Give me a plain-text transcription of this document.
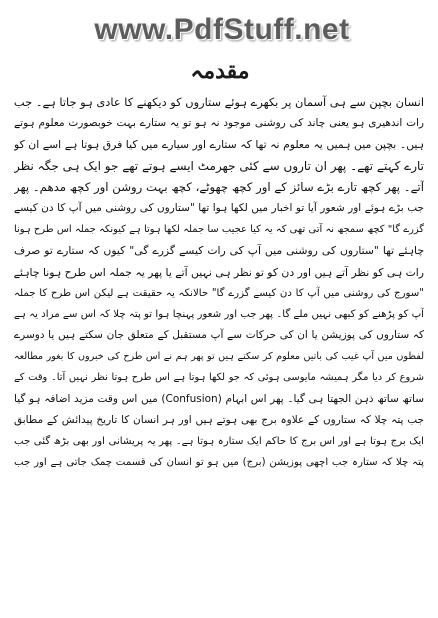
www.PdfStuff.net
مقدمہ
انسان بچپن سے ہی آسمان پر بکھرے ہوئے ستاروں کو دیکھنے کا عادی ہو جاتا ہے۔ جب
رات اندھیری ہو یعنی چاند کی روشنی موجود نہ ہو تو یہ ستارے بہت خوبصورت معلوم ہوتے
ہیں۔ بچپن میں ہمیں یہ معلوم نہ تھا کہ ستارے اور سیارے میں کیا فرق ہوتا ہے اسے ان کو
تارے کہتے تھے۔ پھر ان تاروں سے کئی جھرمٹ ایسے ہوتے تھے جو ایک ہی جگہ نظر
آتے۔ پھر کچھ تارے بڑے سائز کے اور کچھ چھوٹے، کچھ بہت روشن اور کچھ مدھم۔ پھر
جب بڑے ہوئے اور شعور آیا تو اخبار میں لکھا ہوا تھا "ستاروں کی روشنی میں آپ کا دن کیسے
گزرے گا" کچھ سمجھ نہ آتی تھی کہ یہ کیا عجیب سا جملہ لکھا ہوتا ہے کیونکہ جملہ اس طرح ہونا
چاہئے تھا "ستاروں کی روشنی میں آپ کی رات کیسے گزرے گی" کیوں کہ ستارے تو صرف
رات ہی کو نظر آتے ہیں اور دن کو تو نظر ہی نہیں آتے یا پھر یہ جملہ اس طرح ہونا چاہئے
"سورج کی روشنی میں آپ کا دن کیسے گزرے گا" حالانکہ یہ حقیقت ہے لیکن اس طرح کا جملہ
آپ کو پڑھنے کو کبھی نہیں ملے گا۔ پھر جب اور شعور پہنچا ہوا تو پتہ چلا کہ اس سے مراد یہ ہے
کہ ستاروں کی پوزیشن یا ان کی حرکات سے آپ مستقبل کے متعلق جان سکتے ہیں یا دوسرے
لفظوں میں آپ غیب کی باتیں معلوم کر سکتے ہیں تو پھر ہم نے اس طرح کی خبروں کا بغور مطالعہ
شروع کر دیا مگر ہمیشہ مایوسی ہوئی کہ جو لکھا ہوتا ہے اس طرح ہوتا نظر نہیں آتا۔ وقت کے
ساتھ ساتھ ذہن الجھتا ہی گیا۔ پھر اس ابہام (Confusion) میں اس وقت مزید اضافہ ہو گیا
جب پتہ چلا کہ ستاروں کے علاوہ برج بھی ہوتے ہیں اور ہر انسان کا تاریخ پیدائش کے مطابق
ایک برج ہوتا ہے اور اس برج کا حاکم ایک ستارہ ہوتا ہے۔ پھر یہ پریشانی اور بھی بڑھ گئی جب
پتہ چلا کہ ستارہ جب اچھی پوزیشن (برج) میں ہو تو انسان کی قسمت چمک جاتی ہے اور جب
